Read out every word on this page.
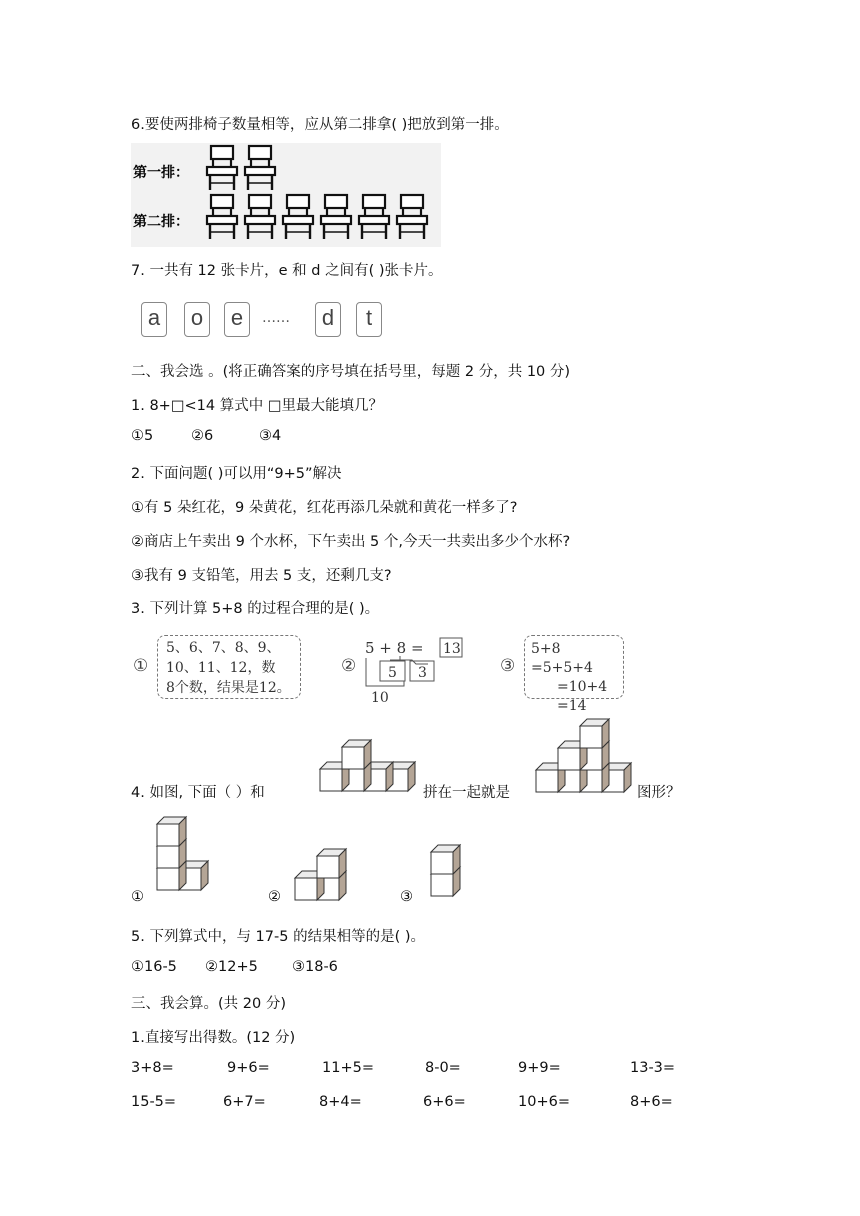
6.要使两排椅子数量相等，应从第二排拿( )把放到第一排。
第一排：
第二排：
7. 一共有 12 张卡片，e 和 d 之间有( )张卡片。
a	o	e	……	d	t
二、我会选 。(将正确答案的序号填在括号里，每题 2 分，共 10 分)
1. 8+□<14 算式中 □里最大能填几？
①5	②6	③4
2. 下面问题( )可以用“9+5”解决
①有 5 朵红花，9 朵黄花，红花再添几朵就和黄花一样多了?
②商店上午卖出 9 个水杯，下午卖出 5 个,今天一共卖出多少个水杯?
③我有 9 支铅笔，用去 5 支，还剩几支?
3. 下列计算 5+8 的过程合理的是( )。
①
5、6、7、8、9、
10、11、12，数
8个数，结果是12。
②
5 + 8 = 13
5 3
10
③
5+8 =5+5+4
=10+4
=14
4. 如图, 下面（ ）和	拼在一起就是	图形？
①	②	③
5. 下列算式中，与 17-5 的结果相等的是( )。
①16-5 ②12+5 ③18-6
三、我会算。(共 20 分)
1.直接写出得数。(12 分)
3+8=	9+6=	11+5=	8-0=	9+9=	13-3=
15-5=	6+7=	8+4=	6+6=	10+6=	8+6=
